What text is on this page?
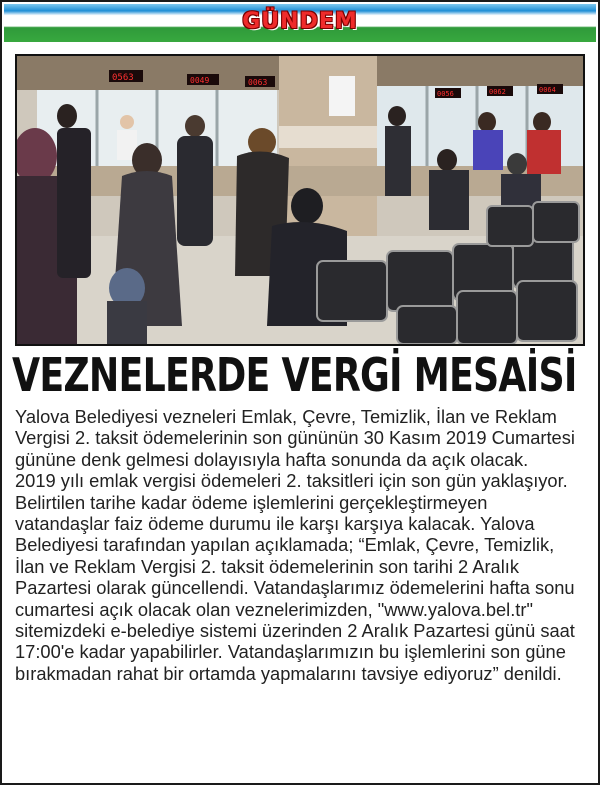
GÜNDEM
0563	0049	0063
0056	0062	0064
VEZNELERDE VERGİ MESAİSİ

Yalova Belediyesi vezneleri Emlak, Çevre, Temizlik, İlan ve Reklam Vergisi 2. taksit ödemelerinin son gününün 30 Kasım 2019 Cumartesi gününe denk gelmesi dolayısıyla hafta sonunda da açık olacak.

2019 yılı emlak vergisi ödemeleri 2. taksitleri için son gün yaklaşıyor. Belirtilen tarihe kadar ödeme işlemlerini gerçekleştirmeyen vatandaşlar faiz ödeme durumu ile karşı karşıya kalacak. Yalova Belediyesi tarafından yapılan açıklamada; “Emlak, Çevre, Temizlik, İlan ve Reklam Vergisi 2. taksit ödemelerinin son tarihi 2 Aralık Pazartesi olarak güncellendi. Vatandaşlarımız ödemelerini hafta sonu cumartesi açık olacak olan veznelerimizden, "www.yalova.bel.tr" sitemizdeki e-belediye sistemi üzerinden 2 Aralık Pazartesi günü saat 17:00'e kadar yapabilirler. Vatandaşlarımızın bu işlemlerini son güne bırakmadan rahat bir ortamda yapmalarını tavsiye ediyoruz” denildi.
